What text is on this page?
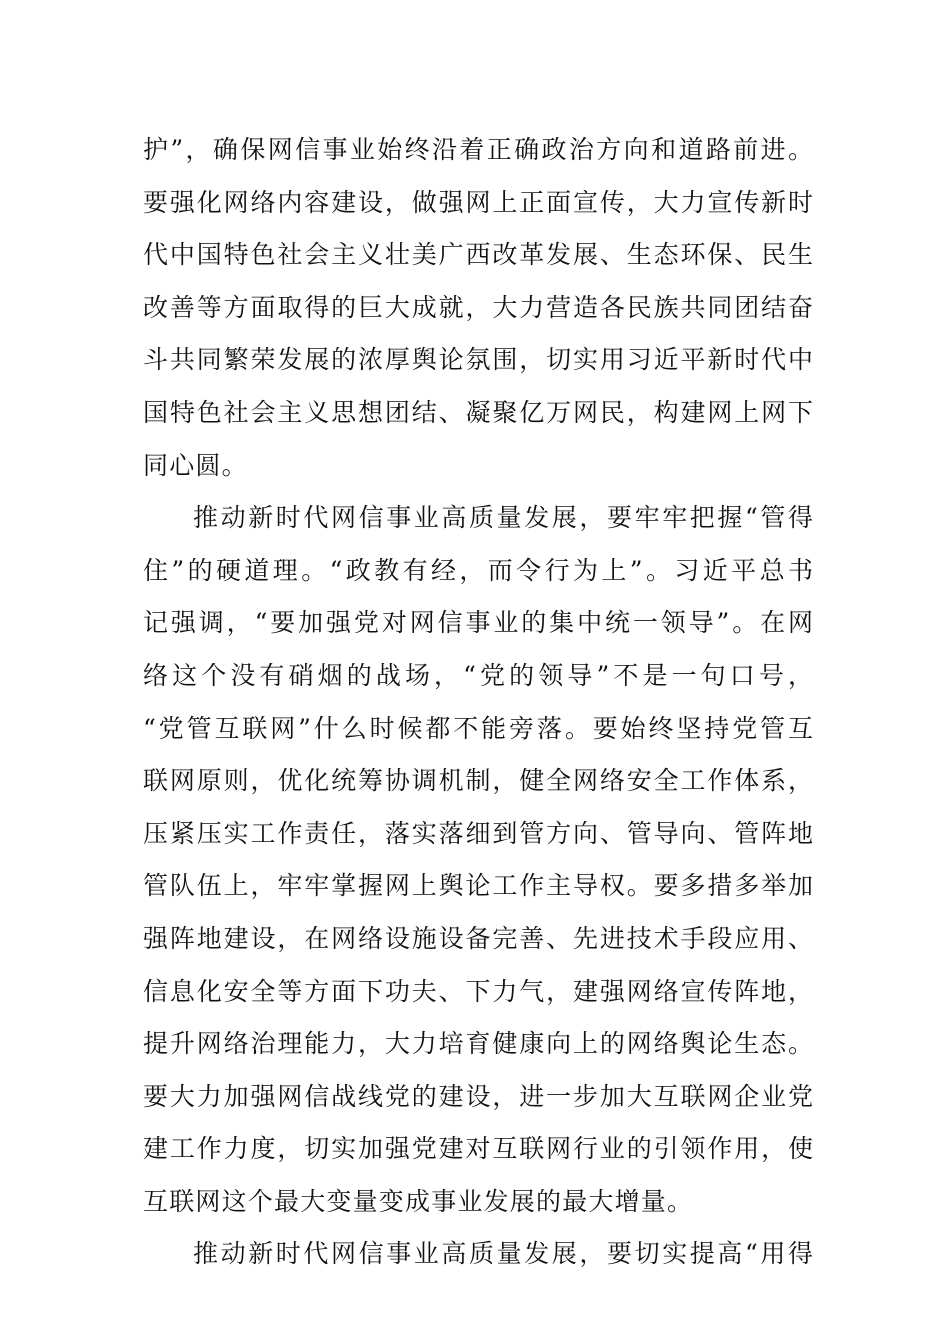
护”，确保网信事业始终沿着正确政治方向和道路前进。
要强化网络内容建设，做强网上正面宣传，大力宣传新时
代中国特色社会主义壮美广西改革发展、生态环保、民生
改善等方面取得的巨大成就，大力营造各民族共同团结奋
斗共同繁荣发展的浓厚舆论氛围，切实用习近平新时代中
国特色社会主义思想团结、凝聚亿万网民，构建网上网下
同心圆。
推动新时代网信事业高质量发展，要牢牢把握“管得
住”的硬道理。“政教有经，而令行为上”。习近平总书
记强调，“要加强党对网信事业的集中统一领导”。在网
络这个没有硝烟的战场，“党的领导”不是一句口号，
“党管互联网”什么时候都不能旁落。要始终坚持党管互
联网原则，优化统筹协调机制，健全网络安全工作体系，
压紧压实工作责任，落实落细到管方向、管导向、管阵地
管队伍上，牢牢掌握网上舆论工作主导权。要多措多举加
强阵地建设，在网络设施设备完善、先进技术手段应用、
信息化安全等方面下功夫、下力气，建强网络宣传阵地，
提升网络治理能力，大力培育健康向上的网络舆论生态。
要大力加强网信战线党的建设，进一步加大互联网企业党
建工作力度，切实加强党建对互联网行业的引领作用，使
互联网这个最大变量变成事业发展的最大增量。
推动新时代网信事业高质量发展，要切实提高“用得
